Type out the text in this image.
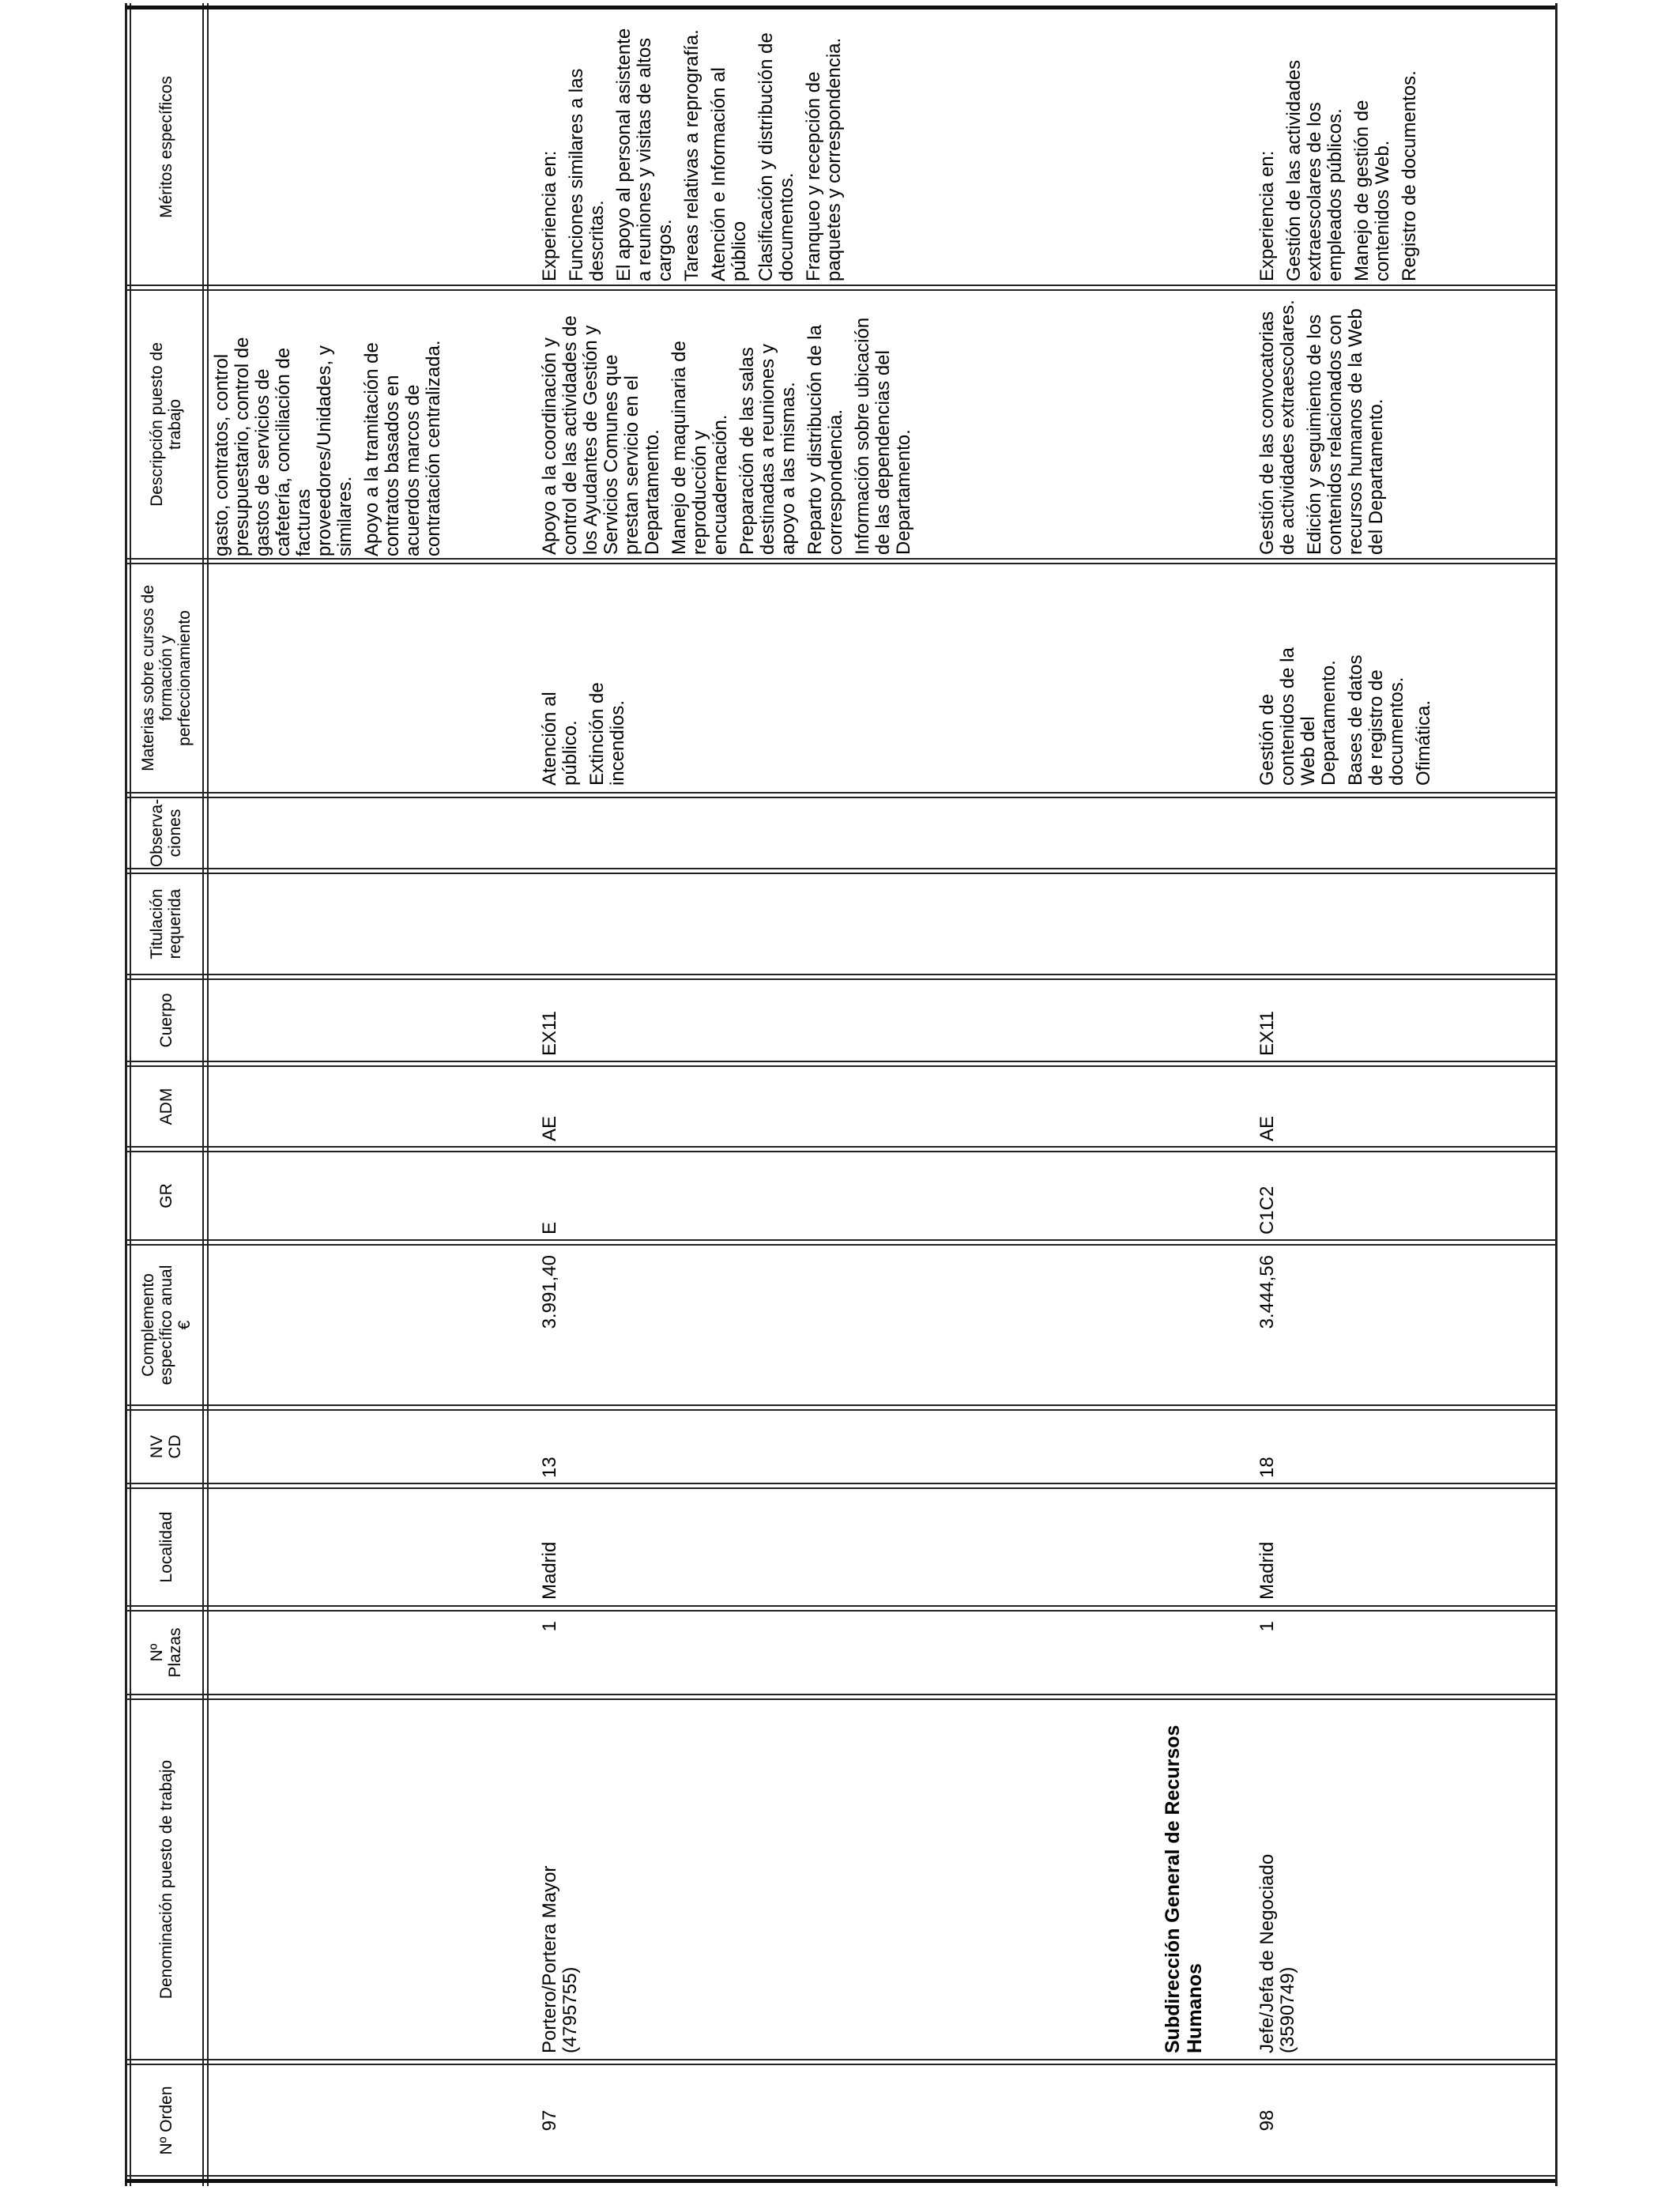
Nº Orden
Denominación puesto de trabajo
Nº Plazas
Localidad
NV CD
Complemento específico anual €
GR
ADM
Cuerpo
Titulación requerida
Observa- ciones
Materias sobre cursos de formación y perfeccionamiento
Descripción puesto de trabajo
Méritos específicos

gasto, contratos, control presupuestario, control de gastos de servicios de cafetería, conciliación de facturas proveedores/Unidades, y similares. Apoyo a la tramitación de contratos basados en acuerdos marcos de contratación centralizada.

97
Portero/Portera Mayor (4795755)
1
Madrid
13
3.991,40
E
AE
EX11

Atención al público. Extinción de incendios.

Apoyo a la coordinación y control de las actividades de los Ayudantes de Gestión y Servicios Comunes que prestan servicio en el Departamento. Manejo de maquinaria de reproducción y encuadernación. Preparación de las salas destinadas a reuniones y apoyo a las mismas. Reparto y distribución de la correspondencia. Información sobre ubicación de las dependencias del Departamento.

Experiencia en: Funciones similares a las descritas. El apoyo al personal asistente a reuniones y visitas de altos cargos. Tareas relativas a reprografía. Atención e Información al público Clasificación y distribución de documentos. Franqueo y recepción de paquetes y correspondencia.

Subdirección General de Recursos Humanos
98
Jefe/Jefa de Negociado (3590749)
1
Madrid
18
3.444,56
C1C2
AE
EX11

Gestión de contenidos de la Web del Departamento. Bases de datos de registro de documentos. Ofimática.

Gestión de las convocatorias de actividades extraescolares. Edición y seguimiento de los contenidos relacionados con recursos humanos de la Web del Departamento.

Experiencia en: Gestión de las actividades extraescolares de los empleados públicos. Manejo de gestión de contenidos Web. Registro de documentos.
